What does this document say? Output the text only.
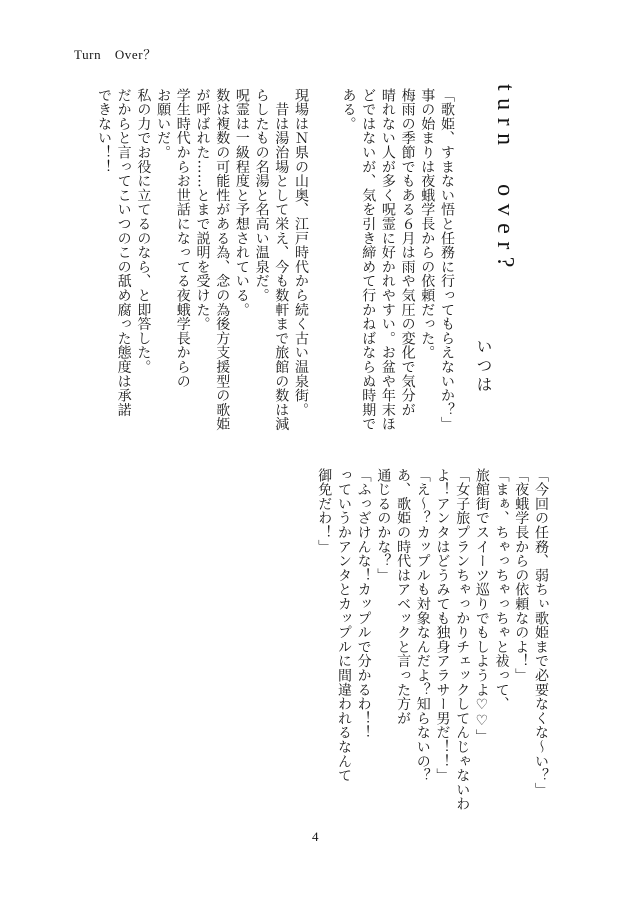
Turn　Over？
turn　over?
いつは
「歌姫、すまない悟と任務に行ってもらえないか？」
事の始まりは夜蛾学長からの依頼だった。
梅雨の季節でもある６月は雨や気圧の変化で気分が
晴れない人が多く呪霊に好かれやすい。お盆や年末ほ
どではないが、気を引き締めて行かねばならぬ時期で
ある。
現場はＮ県の山奥、江戸時代から続く古い温泉街。
　昔は湯治場として栄え、今も数軒まで旅館の数は減
らしたもの名湯と名高い温泉だ。
呪霊は一級程度と予想されている。
数は複数の可能性がある為、念の為後方支援型の歌姫
が呼ばれた……とまで説明を受けた。
学生時代からお世話になってる夜蛾学長からの
お願いだ。
私の力でお役に立てるのなら、と即答した。
だからと言ってこいつのこの舐め腐った態度は承諾
できない！！
「今回の任務、弱ちぃ歌姫まで必要なくな～い？」
「夜蛾学長からの依頼なのよ！」
「まぁ、ちゃっちゃっちゃと祓って、
旅館街でスイーツ巡りでもしようよ♡♡」
「女子旅プランちゃっかりチェックしてんじゃないわ
よ！アンタはどうみても独身アラサー男だ！！」
「え～？カップルも対象なんだよ？知らないの？
あ、歌姫の時代はアベックと言った方が
通じるのかな？」
「ふっざけんな！カップルで分かるわ！！
っていうかアンタとカップルに間違われるなんて
御免だわ！」
4
